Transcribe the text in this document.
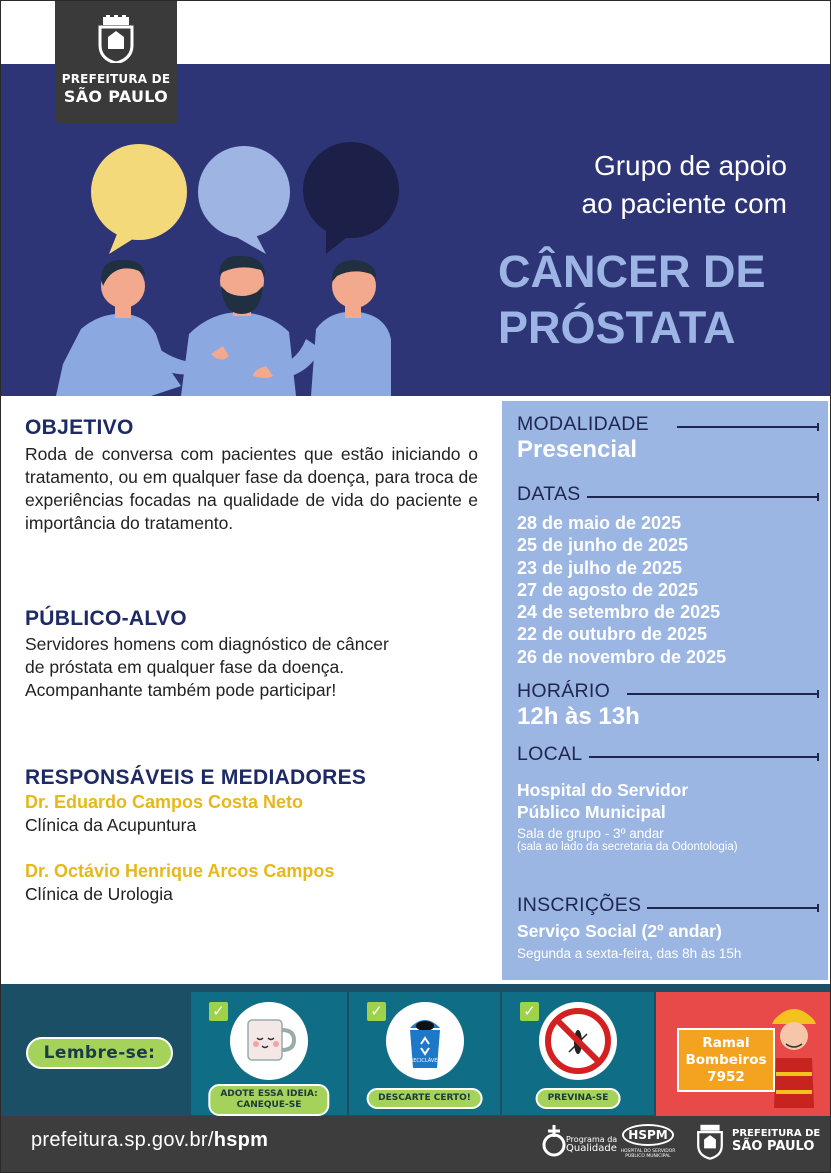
Grupo de apoio
ao paciente com
CÂNCER DE
PRÓSTATA
PREFEITURA DE
SÃO PAULO
OBJETIVO
Roda de conversa com pacientes que estão iniciando o tratamento, ou em qualquer fase da doença, para troca de experiências focadas na qualidade de vida do paciente e importância do tratamento.
PÚBLICO-ALVO
Servidores homens com diagnóstico de câncer
de próstata em qualquer fase da doença.
Acompanhante também pode participar!
RESPONSÁVEIS E MEDIADORES
Dr. Eduardo Campos Costa Neto
Clínica da Acupuntura
Dr. Octávio Henrique Arcos Campos
Clínica de Urologia
MODALIDADE
Presencial
DATAS
28 de maio de 2025
25 de junho de 2025
23 de julho de 2025
27 de agosto de 2025
24 de setembro de 2025
22 de outubro de 2025
26 de novembro de 2025
HORÁRIO
12h às 13h
LOCAL
Hospital do Servidor
Público Municipal
Sala de grupo - 3º andar
(sala ao lado da secretaria da Odontologia)
INSCRIÇÕES
Serviço Social (2º andar)
Segunda a sexta-feira, das 8h às 15h
Lembre-se:
✓
ADOTE ESSA IDEIA:
CANEQUE-SE
✓
RECICLÁVEL
DESCARTE CERTO!
✓
PREVINA-SE
Ramal
Bombeiros
7952
prefeitura.sp.gov.br/hspm	Programa da
Qualidade
HSPM
HOSPITAL DO SERVIDOR PÚBLICO MUNICIPAL
PREFEITURA DE
SÃO PAULO
